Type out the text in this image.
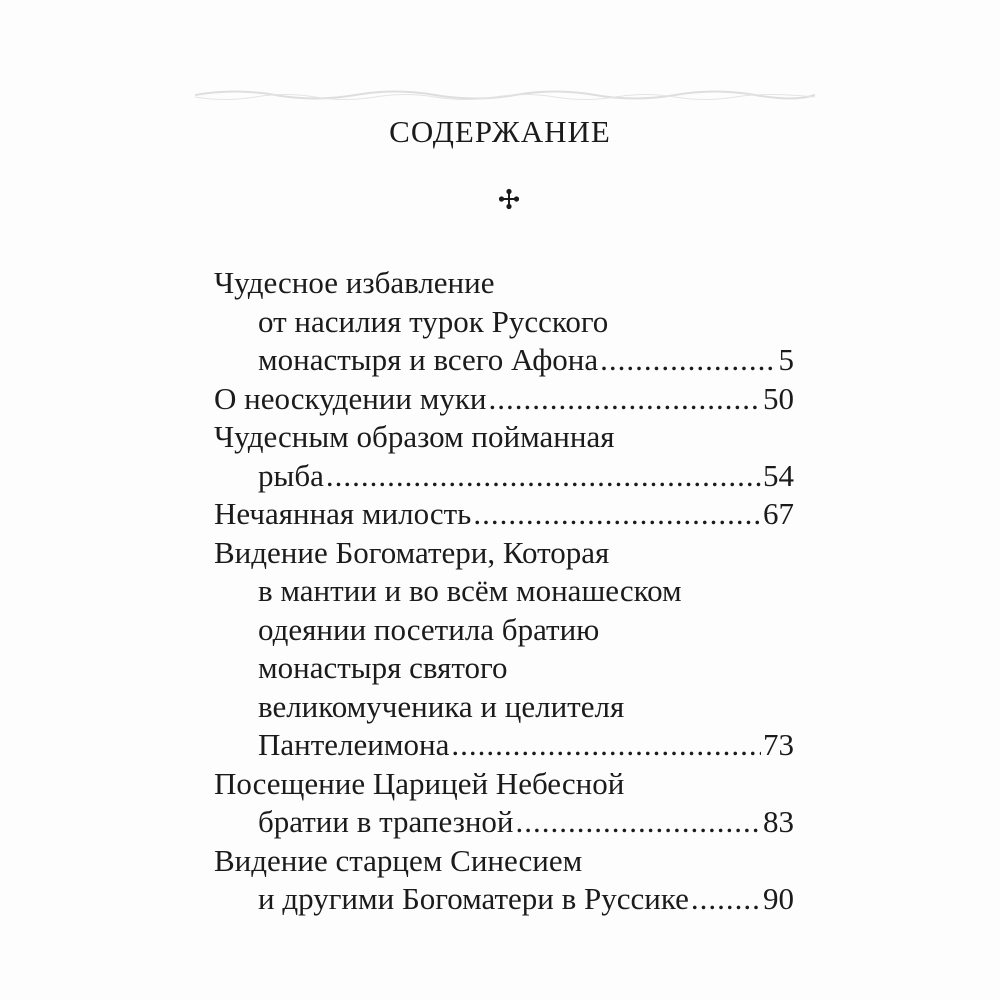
СОДЕРЖАНИЕ
Чудесное избавление
от насилия турок Русского
монастыря и всего Афона .....	5
О неоскудении муки .....	50
Чудесным образом пойманная
рыба .....	54
Нечаянная милость .....	67
Видение Богоматери, Которая
в мантии и во всём монашеском
одеянии посетила братию
монастыря святого
великомученика и целителя
Пантелеимона .....	73
Посещение Царицей Небесной
братии в трапезной .....	83
Видение старцем Синесием
и другими Богоматери в Руссике ..... 90
